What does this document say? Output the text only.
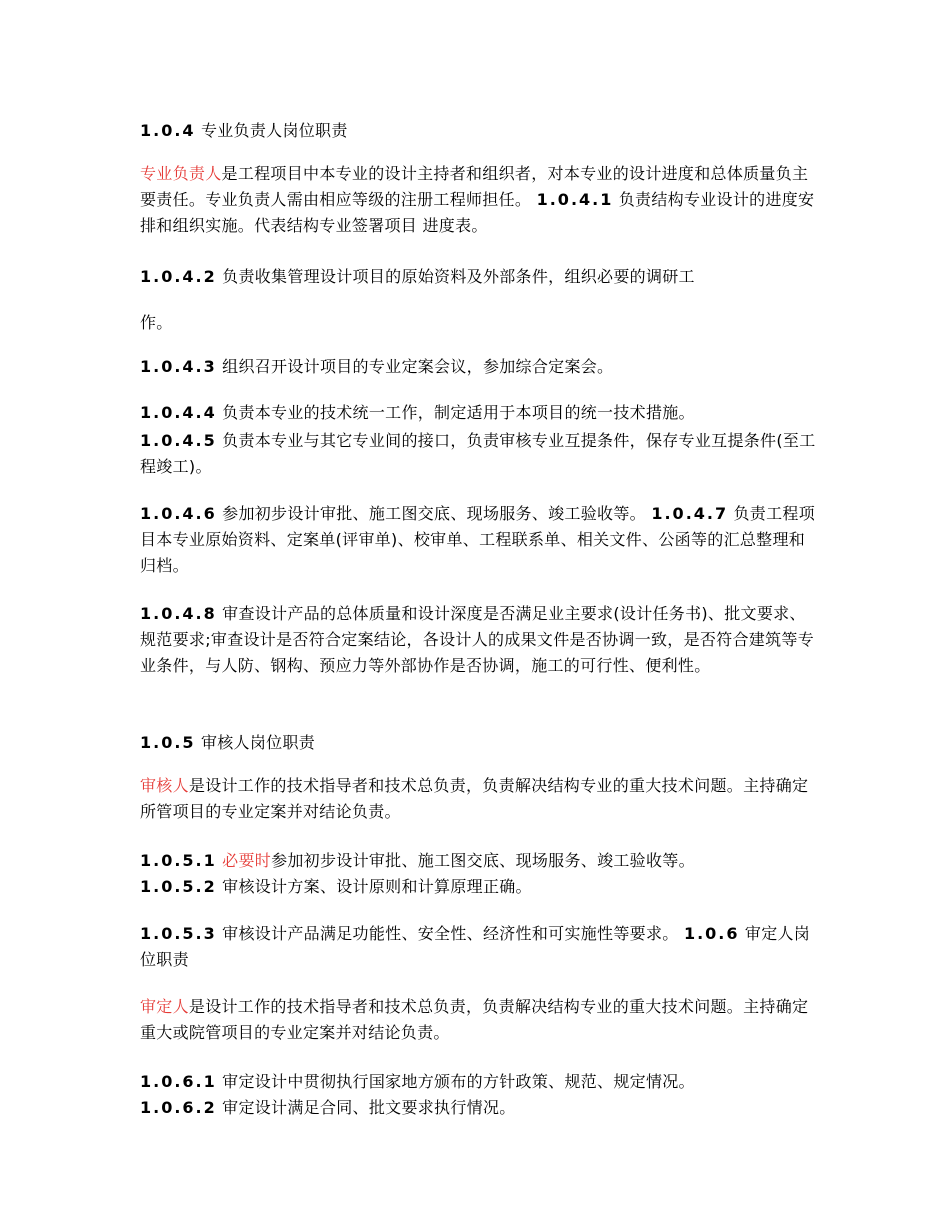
1.0.4 专业负责人岗位职责
专业负责人是工程项目中本专业的设计主持者和组织者，对本专业的设计进度和总体质量负主要责任。专业负责人需由相应等级的注册工程师担任。 1.0.4.1 负责结构专业设计的进度安排和组织实施。代表结构专业签署项目 进度表。
1.0.4.2 负责收集管理设计项目的原始资料及外部条件，组织必要的调研工
作。
1.0.4.3 组织召开设计项目的专业定案会议，参加综合定案会。
1.0.4.4 负责本专业的技术统一工作，制定适用于本项目的统一技术措施。
1.0.4.5 负责本专业与其它专业间的接口，负责审核专业互提条件，保存专业互提条件(至工程竣工)。
1.0.4.6 参加初步设计审批、施工图交底、现场服务、竣工验收等。 1.0.4.7 负责工程项目本专业原始资料、定案单(评审单)、校审单、工程联系单、相关文件、公函等的汇总整理和归档。
1.0.4.8 审查设计产品的总体质量和设计深度是否满足业主要求(设计任务书)、批文要求、规范要求;审查设计是否符合定案结论，各设计人的成果文件是否协调一致，是否符合建筑等专业条件，与人防、钢构、预应力等外部协作是否协调，施工的可行性、便利性。
1.0.5 审核人岗位职责
审核人是设计工作的技术指导者和技术总负责，负责解决结构专业的重大技术问题。主持确定所管项目的专业定案并对结论负责。
1.0.5.1 必要时参加初步设计审批、施工图交底、现场服务、竣工验收等。
1.0.5.2 审核设计方案、设计原则和计算原理正确。
1.0.5.3 审核设计产品满足功能性、安全性、经济性和可实施性等要求。 1.0.6 审定人岗位职责
审定人是设计工作的技术指导者和技术总负责，负责解决结构专业的重大技术问题。主持确定重大或院管项目的专业定案并对结论负责。
1.0.6.1 审定设计中贯彻执行国家地方颁布的方针政策、规范、规定情况。
1.0.6.2 审定设计满足合同、批文要求执行情况。
